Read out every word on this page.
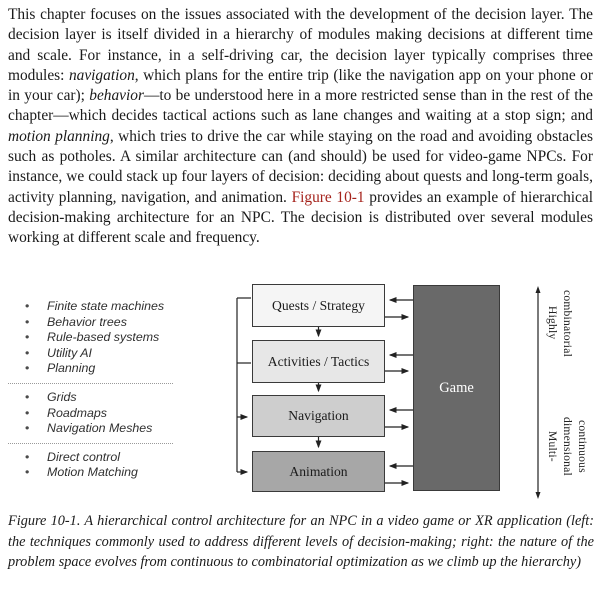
This chapter focuses on the issues associated with the development of the decision layer. The decision layer is itself divided in a hierarchy of modules making decisions at different time and scale. For instance, in a self-driving car, the decision layer typically comprises three modules: navigation, which plans for the entire trip (like the navigation app on your phone or in your car); behavior—to be understood here in a more restricted sense than in the rest of the chapter—which decides tactical actions such as lane changes and waiting at a stop sign; and motion planning, which tries to drive the car while staying on the road and avoiding obstacles such as potholes. A similar architecture can (and should) be used for video-game NPCs. For instance, we could stack up four layers of decision: deciding about quests and long-term goals, activity planning, navigation, and animation. Figure 10-1 provides an example of hierarchical decision-making architecture for an NPC. The decision is distributed over several modules working at different scale and frequency.

• Finite state machines
• Behavior trees
• Rule-based systems
• Utility AI
• Planning
• Grids
• Roadmaps
• Navigation Meshes
• Direct control
• Motion Matching
Quests / Strategy
Activities / Tactics
Navigation
Animation
Game
Highly combinatorial
Multi-dimensional continuous

Figure 10-1. A hierarchical control architecture for an NPC in a video game or XR application (left: the techniques commonly used to address different levels of decision-making; right: the nature of the problem space evolves from continuous to combinatorial optimization as we climb up the hierarchy)
